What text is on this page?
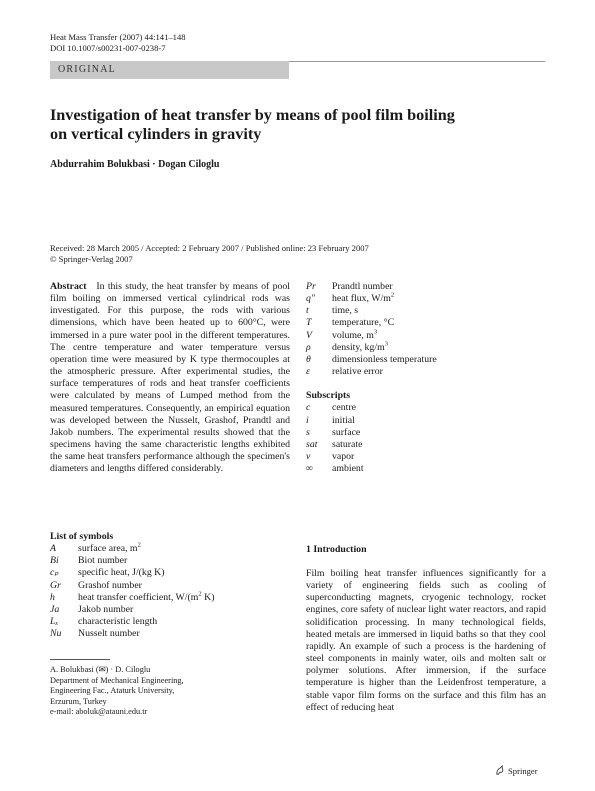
Heat Mass Transfer (2007) 44:141–148
DOI 10.1007/s00231-007-0238-7
ORIGINAL
Investigation of heat transfer by means of pool film boiling
on vertical cylinders in gravity
Abdurrahim Bolukbasi · Dogan Ciloglu
Received: 28 March 2005 / Accepted: 2 February 2007 / Published online: 23 February 2007
© Springer-Verlag 2007
Abstract In this study, the heat transfer by means of pool film boiling on immersed vertical cylindrical rods was investigated. For this purpose, the rods with various dimensions, which have been heated up to 600°C, were immersed in a pure water pool in the different temperatures. The centre temperature and water temperature versus operation time were measured by K type thermocouples at the atmospheric pressure. After experimental studies, the surface temperatures of rods and heat transfer coefficients were calculated by means of Lumped method from the measured temperatures. Consequently, an empirical equation was developed between the Nusselt, Grashof, Prandtl and Jakob numbers. The experimental results showed that the specimens having the same characteristic lengths exhibited the same heat transfers performance although the specimen's diameters and lengths differed considerably.
List of symbols
A	surface area, $m^2$
Bi	Biot number
cₚ	specific heat, J/(kg K)
Gr	Grashof number
h	heat transfer coefficient, $W/(m^2$ K)
Ja	Jakob number
Lₓ	characteristic length
Nu	Nusselt number
Pr	Prandtl number
q″	heat flux, $W/m^2$
t	time, s
T	temperature, °C
V	volume, $m^3$
ρ	density, $kg/m^3$
θ	dimensionless temperature
ε	relative error
Subscripts
c	centre
i	initial
s	surface
sat	saturate
v	vapor
∞	ambient
1 Introduction
Film boiling heat transfer influences significantly for a variety of engineering fields such as cooling of superconducting magnets, cryogenic technology, rocket engines, core safety of nuclear light water reactors, and rapid solidification processing. In many technological fields, heated metals are immersed in liquid baths so that they cool rapidly. An example of such a process is the hardening of steel components in mainly water, oils and molten salt or polymer solutions. After immersion, if the surface temperature is higher than the Leidenfrost temperature, a stable vapor film forms on the surface and this film has an effect of reducing heat
A. Bolukbasi (✉) · D. Ciloglu
Department of Mechanical Engineering,
Engineering Fac., Ataturk University,
Erzurum, Turkey
e-mail: aboluk@atauni.edu.tr
Springer
